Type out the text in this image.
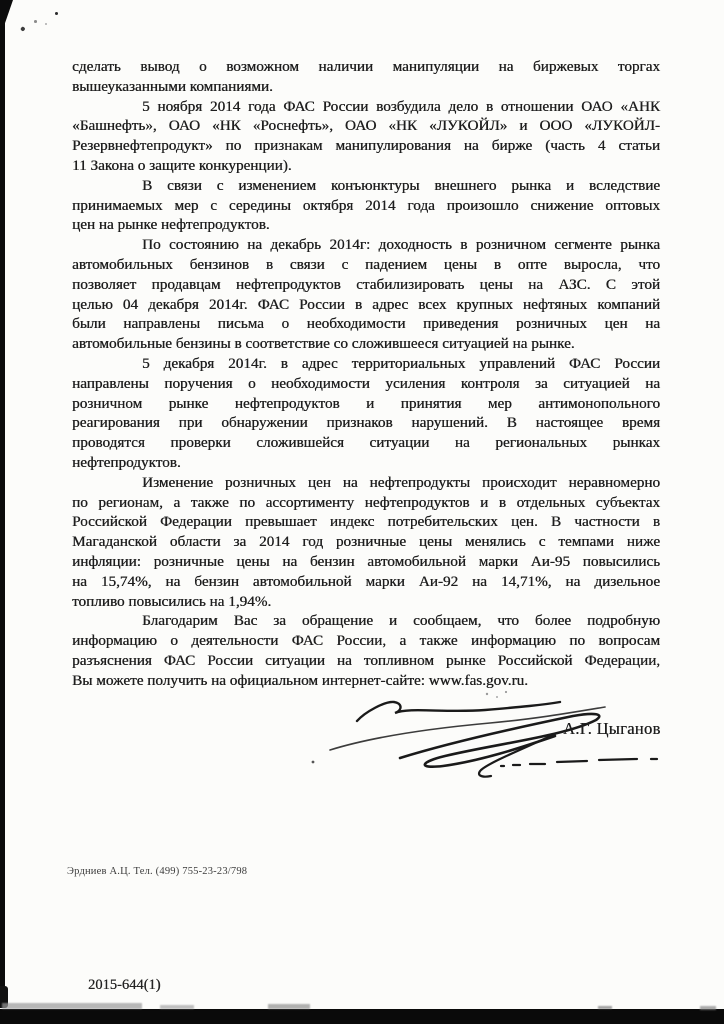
сделать вывод о возможном наличии манипуляции на биржевых торгах
вышеуказанными компаниями.
5 ноября 2014 года ФАС России возбудила дело в отношении ОАО «АНК
«Башнефть», ОАО «НК «Роснефть», ОАО «НК «ЛУКОЙЛ» и ООО «ЛУКОЙЛ-
Резервнефтепродукт» по признакам манипулирования на бирже (часть 4 статьи
11 Закона о защите конкуренции).
В связи с изменением конъюнктуры внешнего рынка и вследствие
принимаемых мер с середины октября 2014 года произошло снижение оптовых
цен на рынке нефтепродуктов.
По состоянию на декабрь 2014г: доходность в розничном сегменте рынка
автомобильных бензинов в связи с падением цены в опте выросла, что
позволяет продавцам нефтепродуктов стабилизировать цены на АЗС. С этой
целью 04 декабря 2014г. ФАС России в адрес всех крупных нефтяных компаний
были направлены письма о необходимости приведения розничных цен на
автомобильные бензины в соответствие со сложившееся ситуацией на рынке.
5 декабря 2014г. в адрес территориальных управлений ФАС России
направлены поручения о необходимости усиления контроля за ситуацией на
розничном рынке нефтепродуктов и принятия мер антимонопольного
реагирования при обнаружении признаков нарушений. В настоящее время
проводятся проверки сложившейся ситуации на региональных рынках
нефтепродуктов.
Изменение розничных цен на нефтепродукты происходит неравномерно
по регионам, а также по ассортименту нефтепродуктов и в отдельных субъектах
Российской Федерации превышает индекс потребительских цен. В частности в
Магаданской области за 2014 год розничные цены менялись с темпами ниже
инфляции: розничные цены на бензин автомобильной марки Аи-95 повысились
на 15,74%, на бензин автомобильной марки Аи-92 на 14,71%, на дизельное
топливо повысились на 1,94%.
Благодарим Вас за обращение и сообщаем, что более подробную
информацию о деятельности ФАС России, а также информацию по вопросам
разъяснения ФАС России ситуации на топливном рынке Российской Федерации,
Вы можете получить на официальном интернет-сайте: www.fas.gov.ru.
А.Г. Цыганов
Эрдниев А.Ц. Тел. (499) 755-23-23/798
2015-644(1)
